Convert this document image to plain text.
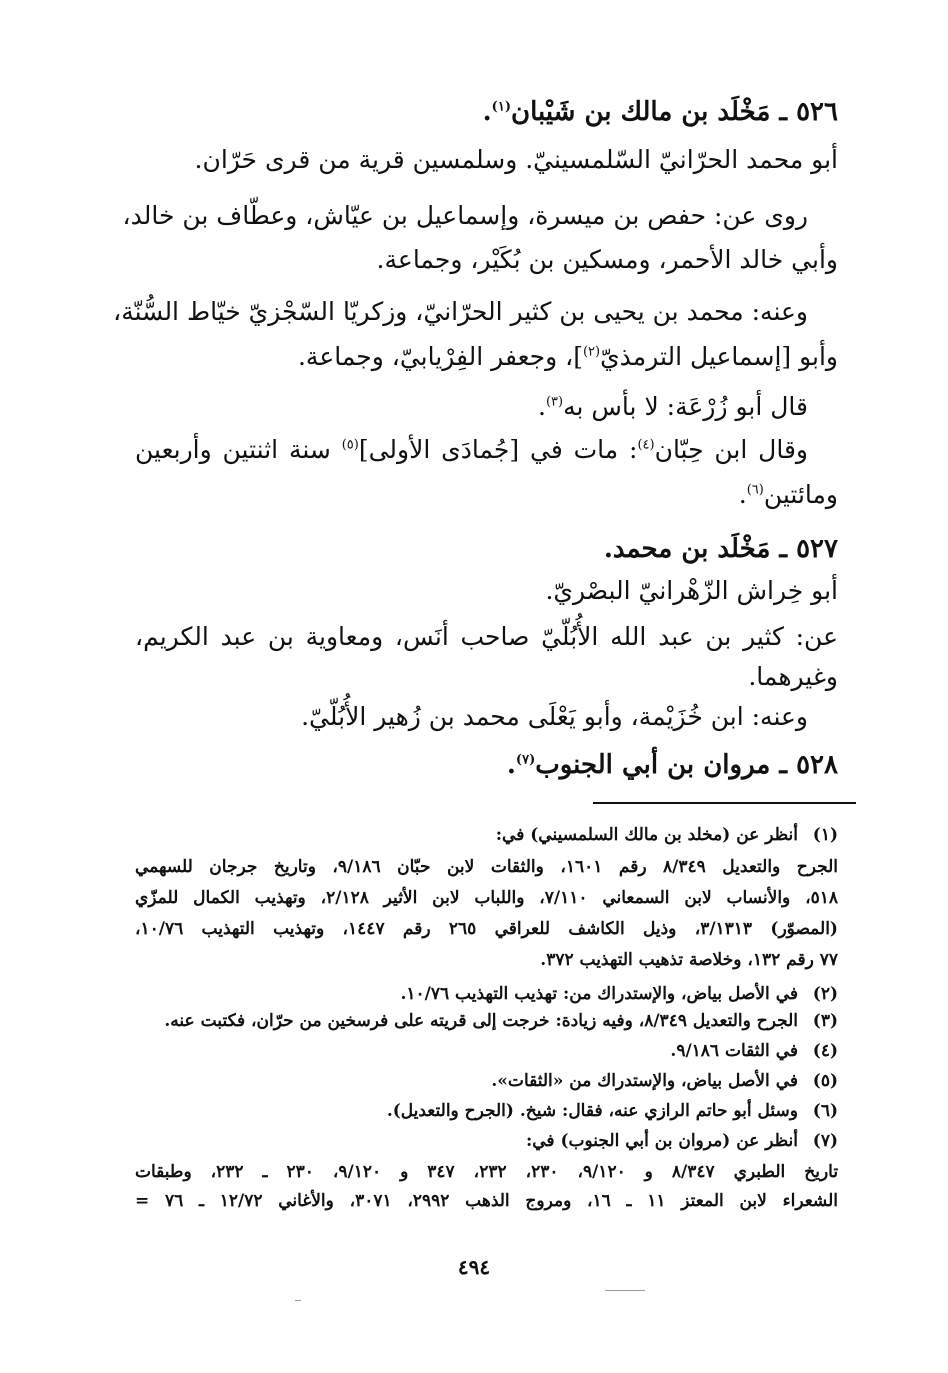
٥٢٦ ـ مَخْلَد بن مالك بن شَيْبان$^{(١)}$.
أبو محمد الحرّانيّ السّلمسينيّ. وسلمسين قرية من قرى حَرّان.
روى عن: حفص بن ميسرة، وإسماعيل بن عيّاش، وعطّاف بن خالد،
وأبي خالد الأحمر، ومسكين بن بُكَيْر، وجماعة.
وعنه: محمد بن يحيى بن كثير الحرّانيّ، وزكريّا السّجْزيّ خيّاط السُّنّة،
وأبو [إسماعيل الترمذيّ$^{(٢)}$]، وجعفر الفِرْيابيّ، وجماعة.
قال أبو زُرْعَة: لا بأس به$^{(٣)}$.
وقال ابن حِبّان$^{(٤)}$: مات في [جُمادَى الأولى]$^{(٥)}$ سنة اثنتين وأربعين
ومائتين$^{(٦)}$.
٥٢٧ ـ مَخْلَد بن محمد.
أبو خِراش الزّهْرانيّ البصْريّ.
عن: كثير بن عبد الله الأُبُلّيّ صاحب أنَس، ومعاوية بن عبد الكريم،
وغيرهما.
وعنه: ابن خُزَيْمة، وأبو يَعْلَى محمد بن زُهير الأُبُلّيّ.
٥٢٨ ـ مروان بن أبي الجنوب$^{(٧)}$.
(١)
أنظر عن (مخلد بن مالك السلمسيني) في:
الجرح والتعديل ٨/٣٤٩ رقم ١٦٠١، والثقات لابن حبّان ٩/١٨٦، وتاريخ جرجان للسهمي
٥١٨، والأنساب لابن السمعاني ٧/١١٠، واللباب لابن الأثير ٢/١٢٨، وتهذيب الكمال للمزّي
(المصوّر) ٣/١٣١٣، وذيل الكاشف للعراقي ٢٦٥ رقم ١٤٤٧، وتهذيب التهذيب ١٠/٧٦،
٧٧ رقم ١٣٢، وخلاصة تذهيب التهذيب ٣٧٢.
(٢)
في الأصل بياض، والإستدراك من: تهذيب التهذيب ١٠/٧٦.
(٣)
الجرح والتعديل ٨/٣٤٩، وفيه زيادة: خرجت إلى قريته على فرسخين من حرّان، فكتبت عنه.
(٤)
في الثقات ٩/١٨٦.
(٥)
في الأصل بياض، والإستدراك من «الثقات».
(٦)
وسئل أبو حاتم الرازي عنه، فقال: شيخ. (الجرح والتعديل).
(٧)
أنظر عن (مروان بن أبي الجنوب) في:
تاريخ الطبري ٨/٣٤٧ و ٩/١٢٠، ٢٣٠، ٢٣٢، ٣٤٧ و ٩/١٢٠، ٢٣٠ ـ ٢٣٢، وطبقات
الشعراء لابن المعتز ١١ ـ ١٦، ومروج الذهب ٢٩٩٢، ٣٠٧١، والأغاني ١٢/٧٢ ـ ٧٦ =
٤٩٤
